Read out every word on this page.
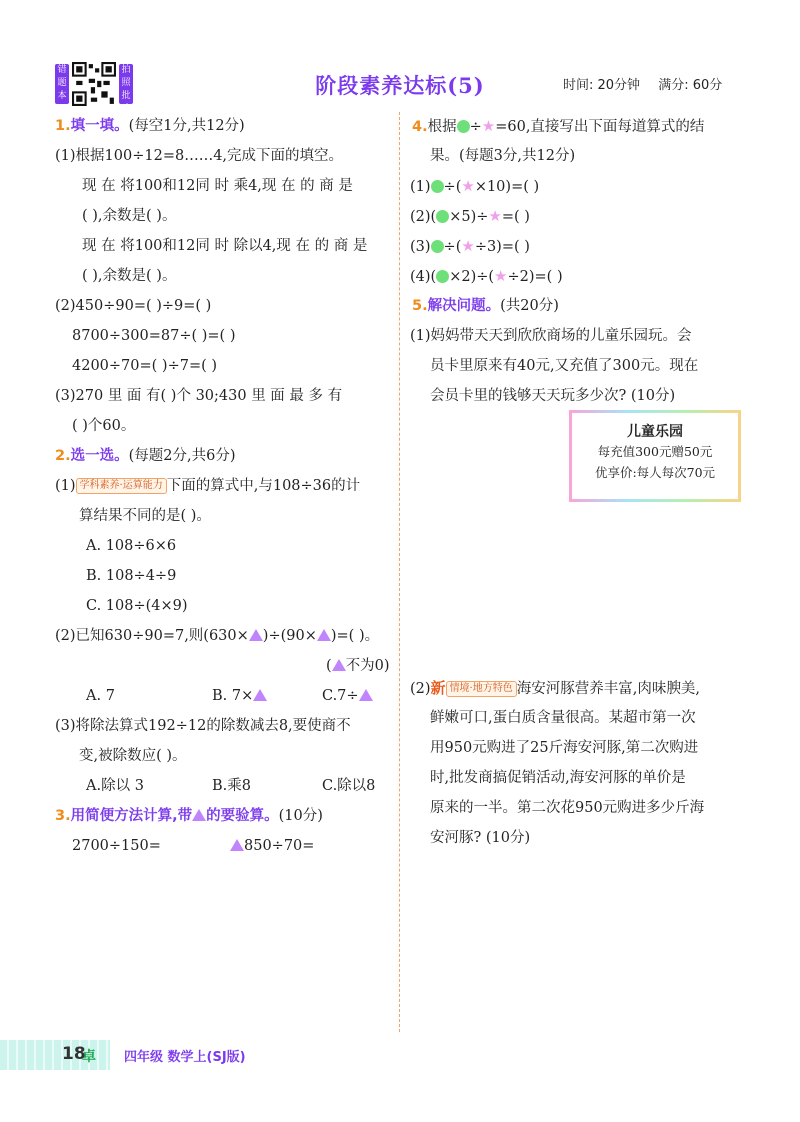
错题本
拍照批改
阶段素养达标(5)	时间: 20分钟 满分: 60分
1.填一填。(每空1分,共12分)
(1)根据100÷12=8……4,完成下面的填空。
现 在 将100和12同 时 乘4,现 在 的 商 是
( ),余数是( )。
现 在 将100和12同 时 除以4,现 在 的 商 是
( ),余数是( )。
(2)450÷90=( )÷9=( )
8700÷300=87÷( )=( )
4200÷70=( )÷7=( )
(3)270 里 面 有( )个 30;430 里 面 最 多 有
( )个60。
2.选一选。(每题2分,共6分)
(1) 学科素养·运算能力 下面的算式中,与108÷36的计
算结果不同的是( )。
A. 108÷6×6
B. 108÷4÷9
C. 108÷(4×9)
(2)已知630÷90=7,则(630× )÷(90× )=( )。
( 不为0)
A. 7	B. 7×	C.7÷
(3)将除法算式192÷12的除数减去8,要使商不
变,被除数应( )。
A.除以 3	B.乘8	C.除以8
3.用简便方法计算,带 的要验算。(10分)
2700÷150=	850÷70=
4.根据 ÷★=60,直接写出下面每道算式的结
果。(每题3分,共12分)
(1) ÷(★×10)=( )
(2)( ×5)÷★=( )
(3) ÷(★÷3)=( )
(4)( ×2)÷(★÷2)=( )
5.解决问题。(共20分)
(1)妈妈带天天到欣欣商场的儿童乐园玩。会
员卡里原来有40元,又充值了300元。现在
会员卡里的钱够天天玩多少次? (10分)
儿童乐园
每充值300元赠50元
优享价:每人每次70元
(2)新 情境·地方特色 海安河豚营养丰富,肉味腴美,
鲜嫩可口,蛋白质含量很高。某超市第一次
用950元购进了25斤海安河豚,第二次购进
时,批发商搞促销活动,海安河豚的单价是
原来的一半。第二次花950元购进多少斤海
安河豚? (10分)
18
卓 四年级 数学上(SJ版)
